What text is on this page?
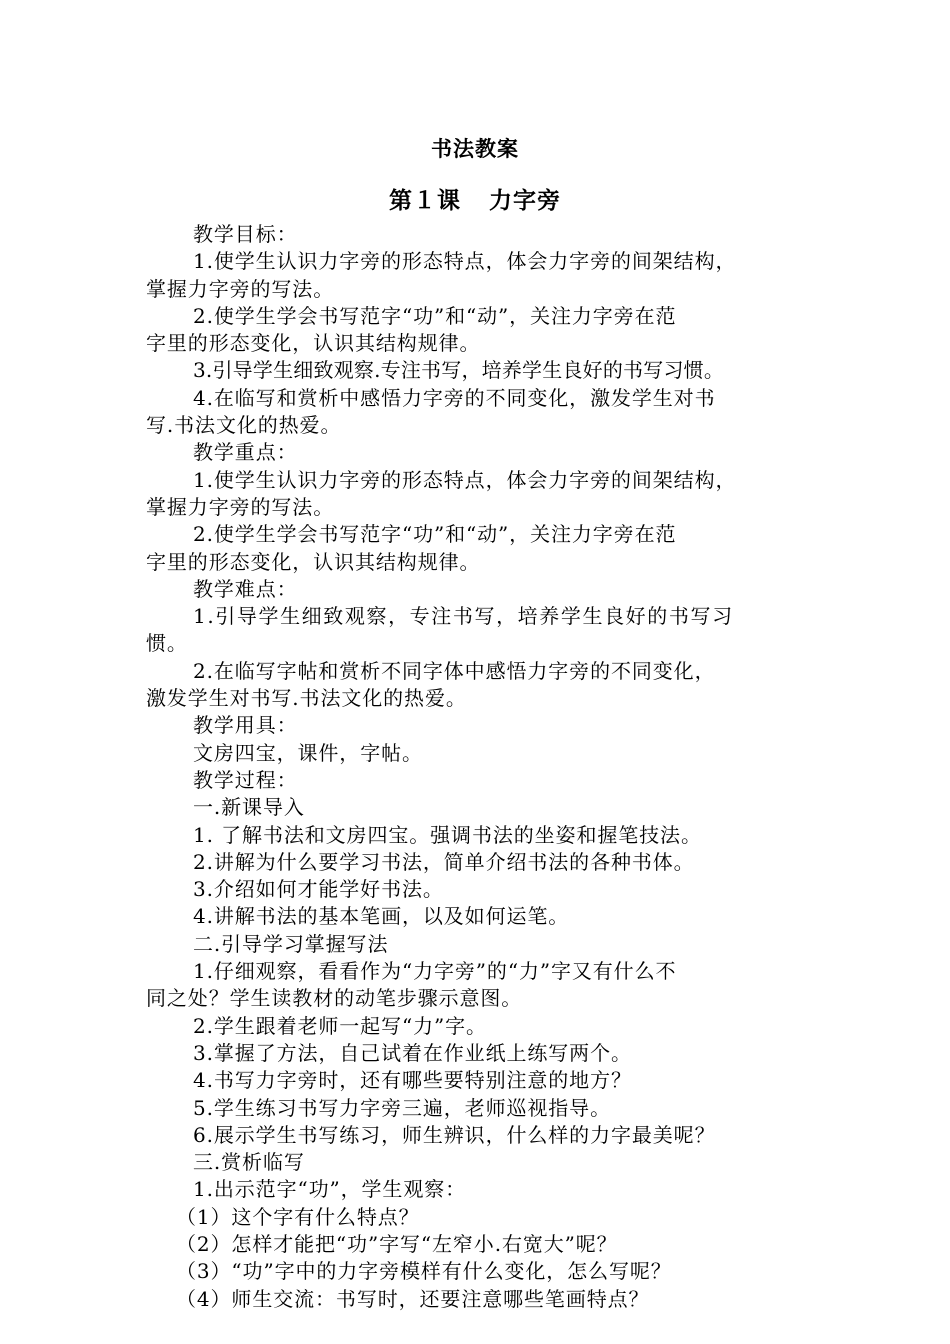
书法教案
第１课 力字旁
教学目标：
1.使学生认识力字旁的形态特点，体会力字旁的间架结构，
掌握力字旁的写法。
2.使学生学会书写范字“功”和“动”，关注力字旁在范
字里的形态变化，认识其结构规律。
3.引导学生细致观察.专注书写，培养学生良好的书写习惯。
4.在临写和赏析中感悟力字旁的不同变化，激发学生对书
写.书法文化的热爱。
教学重点：
1.使学生认识力字旁的形态特点，体会力字旁的间架结构，
掌握力字旁的写法。
2.使学生学会书写范字“功”和“动”，关注力字旁在范
字里的形态变化，认识其结构规律。
教学难点：
1.引导学生细致观察，专注书写，培养学生良好的书写习
惯。
2.在临写字帖和赏析不同字体中感悟力字旁的不同变化，
激发学生对书写.书法文化的热爱。
教学用具：
文房四宝，课件，字帖。
教学过程：
一.新课导入
1. 了解书法和文房四宝。强调书法的坐姿和握笔技法。
2.讲解为什么要学习书法，简单介绍书法的各种书体。
3.介绍如何才能学好书法。
4.讲解书法的基本笔画，以及如何运笔。
二.引导学习掌握写法
1.仔细观察，看看作为“力字旁”的“力”字又有什么不
同之处？学生读教材的动笔步骤示意图。
2.学生跟着老师一起写“力”字。
3.掌握了方法，自己试着在作业纸上练写两个。
4.书写力字旁时，还有哪些要特别注意的地方？
5.学生练习书写力字旁三遍，老师巡视指导。
6.展示学生书写练习，师生辨识，什么样的力字最美呢？
三.赏析临写
1.出示范字“功”，学生观察：
（1）这个字有什么特点？
（2）怎样才能把“功”字写“左窄小.右宽大”呢？
（3）“功”字中的力字旁模样有什么变化，怎么写呢？
（4）师生交流：书写时，还要注意哪些笔画特点？
